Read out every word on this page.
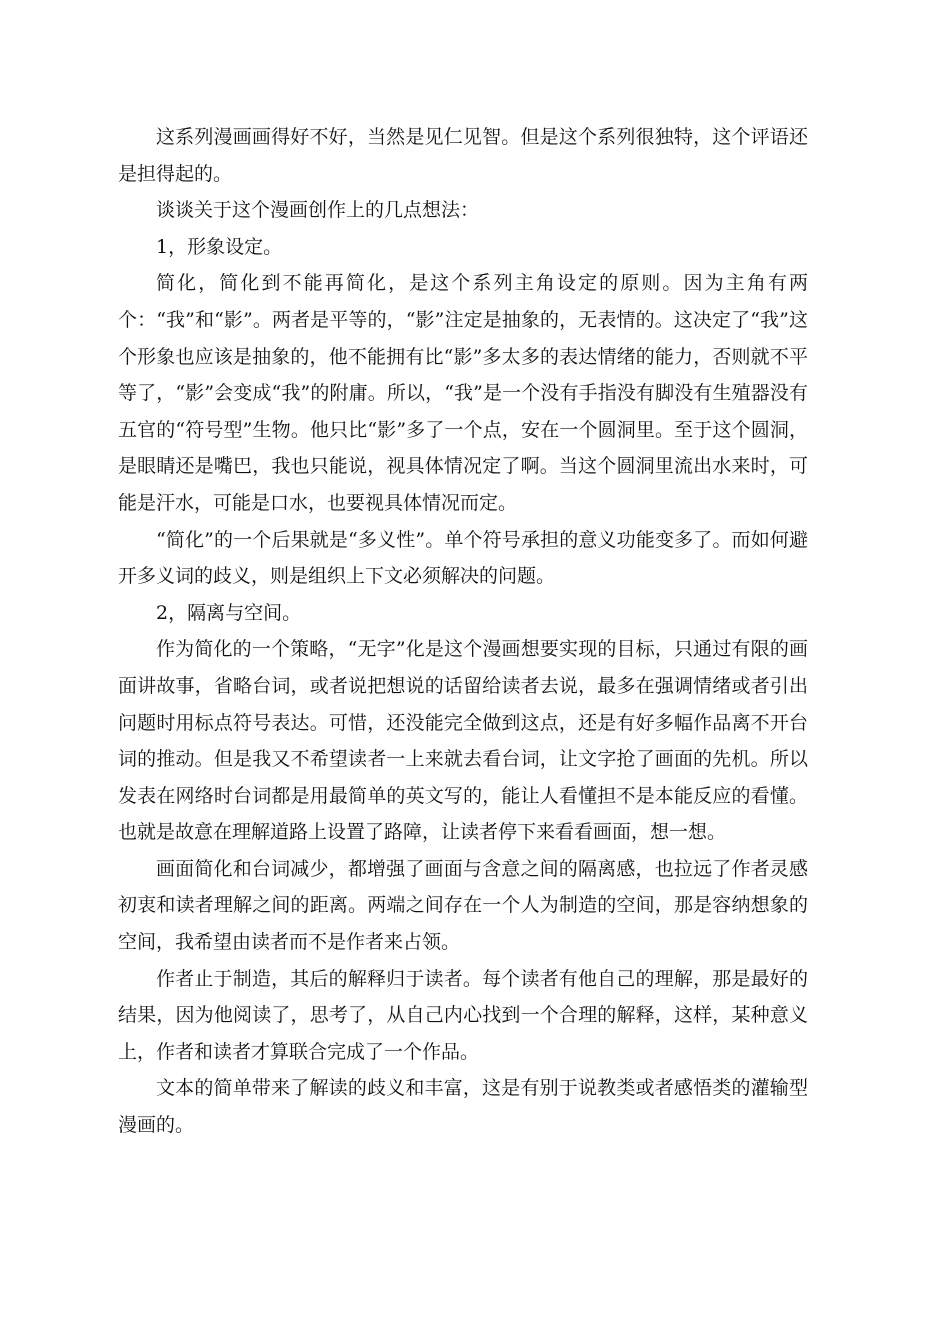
这系列漫画画得好不好，当然是见仁见智。但是这个系列很独特，这个评语还是担得起的。

谈谈关于这个漫画创作上的几点想法：

1，形象设定。

简化，简化到不能再简化，是这个系列主角设定的原则。因为主角有两个：“我”和“影”。两者是平等的，“影”注定是抽象的，无表情的。这决定了“我”这个形象也应该是抽象的，他不能拥有比“影”多太多的表达情绪的能力，否则就不平等了，“影”会变成“我”的附庸。所以，“我”是一个没有手指没有脚没有生殖器没有五官的“符号型”生物。他只比“影”多了一个点，安在一个圆洞里。至于这个圆洞，是眼睛还是嘴巴，我也只能说，视具体情况定了啊。当这个圆洞里流出水来时，可能是汗水，可能是口水，也要视具体情况而定。

“简化”的一个后果就是“多义性”。单个符号承担的意义功能变多了。而如何避开多义词的歧义，则是组织上下文必须解决的问题。

2，隔离与空间。

作为简化的一个策略，“无字”化是这个漫画想要实现的目标，只通过有限的画面讲故事，省略台词，或者说把想说的话留给读者去说，最多在强调情绪或者引出问题时用标点符号表达。可惜，还没能完全做到这点，还是有好多幅作品离不开台词的推动。但是我又不希望读者一上来就去看台词，让文字抢了画面的先机。所以发表在网络时台词都是用最简单的英文写的，能让人看懂担不是本能反应的看懂。也就是故意在理解道路上设置了路障，让读者停下来看看画面，想一想。

画面简化和台词减少，都增强了画面与含意之间的隔离感，也拉远了作者灵感初衷和读者理解之间的距离。两端之间存在一个人为制造的空间，那是容纳想象的空间，我希望由读者而不是作者来占领。

作者止于制造，其后的解释归于读者。每个读者有他自己的理解，那是最好的结果，因为他阅读了，思考了，从自己内心找到一个合理的解释，这样，某种意义上，作者和读者才算联合完成了一个作品。

文本的简单带来了解读的歧义和丰富，这是有别于说教类或者感悟类的灌输型漫画的。
